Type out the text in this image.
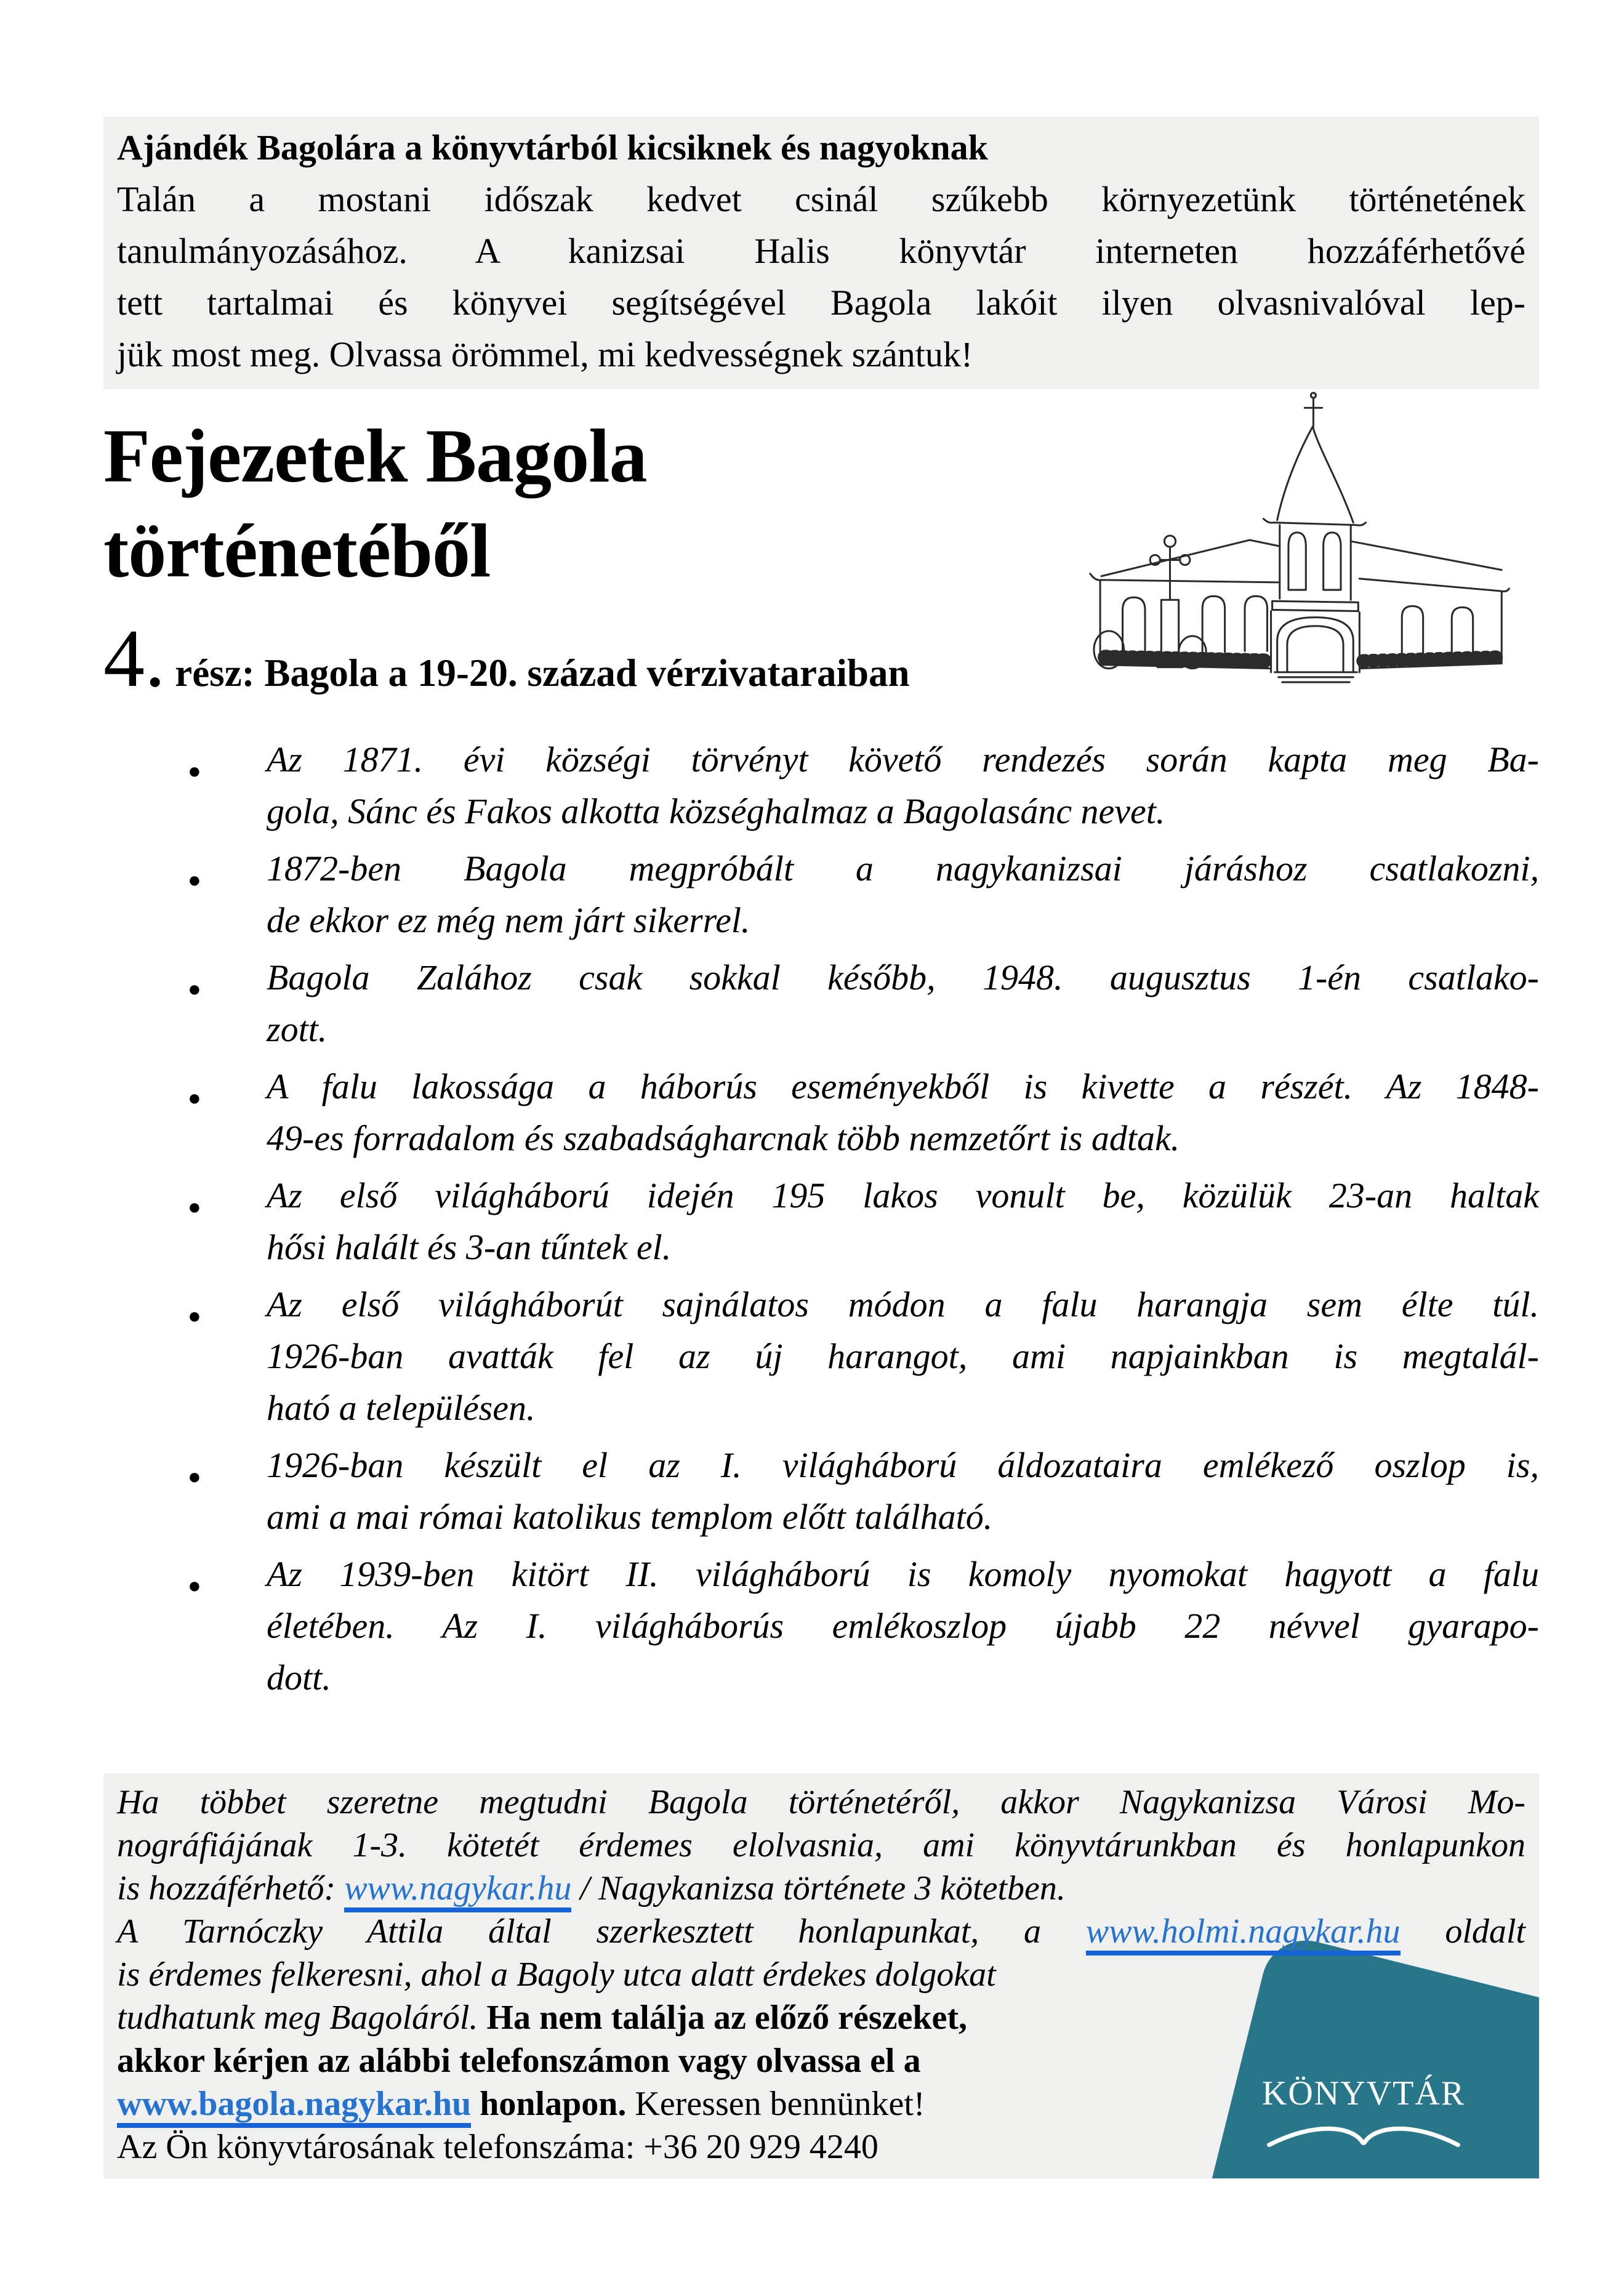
Ajándék Bagolára a könyvtárból kicsiknek és nagyoknak
Talán a mostani időszak kedvet csinál szűkebb környezetünk történetének
tanulmányozásához. A kanizsai Halis könyvtár interneten hozzáférhetővé
tett tartalmai és könyvei segítségével Bagola lakóit ilyen olvasnivalóval lep-
jük most meg. Olvassa örömmel, mi kedvességnek szántuk!
Fejezetek Bagola
történetéből
4. rész: Bagola a 19-20. század vérzivataraiban
● Az 1871. évi községi törvényt követő rendezés során kapta meg Ba-
gola, Sánc és Fakos alkotta községhalmaz a Bagolasánc nevet.
● 1872-ben Bagola megpróbált a nagykanizsai járáshoz csatlakozni,
de ekkor ez még nem járt sikerrel.
● Bagola Zalához csak sokkal később, 1948. augusztus 1-én csatlako-
zott.
● A falu lakossága a háborús eseményekből is kivette a részét. Az 1848-
49-es forradalom és szabadságharcnak több nemzetőrt is adtak.
● Az első világháború idején 195 lakos vonult be, közülük 23-an haltak
hősi halált és 3-an tűntek el.
● Az első világháborút sajnálatos módon a falu harangja sem élte túl.
1926-ban avatták fel az új harangot, ami napjainkban is megtalál-
ható a településen.
● 1926-ban készült el az I. világháború áldozataira emlékező oszlop is,
ami a mai római katolikus templom előtt található.
● Az 1939-ben kitört II. világháború is komoly nyomokat hagyott a falu
életében. Az I. világháborús emlékoszlop újabb 22 névvel gyarapo-
dott.
Ha többet szeretne megtudni Bagola történetéről, akkor Nagykanizsa Városi Mo-
nográfiájának 1-3. kötetét érdemes elolvasnia, ami könyvtárunkban és honlapunkon
is hozzáférhető: www.nagykar.hu / Nagykanizsa története 3 kötetben.
A Tarnóczky Attila által szerkesztett honlapunkat, a www.holmi.nagykar.hu oldalt
is érdemes felkeresni, ahol a Bagoly utca alatt érdekes dolgokat
tudhatunk meg Bagoláról. Ha nem találja az előző részeket,
akkor kérjen az alábbi telefonszámon vagy olvassa el a
www.bagola.nagykar.hu honlapon. Keressen bennünket!
Az Ön könyvtárosának telefonszáma: +36 20 929 4240
KÖNYVTÁR
